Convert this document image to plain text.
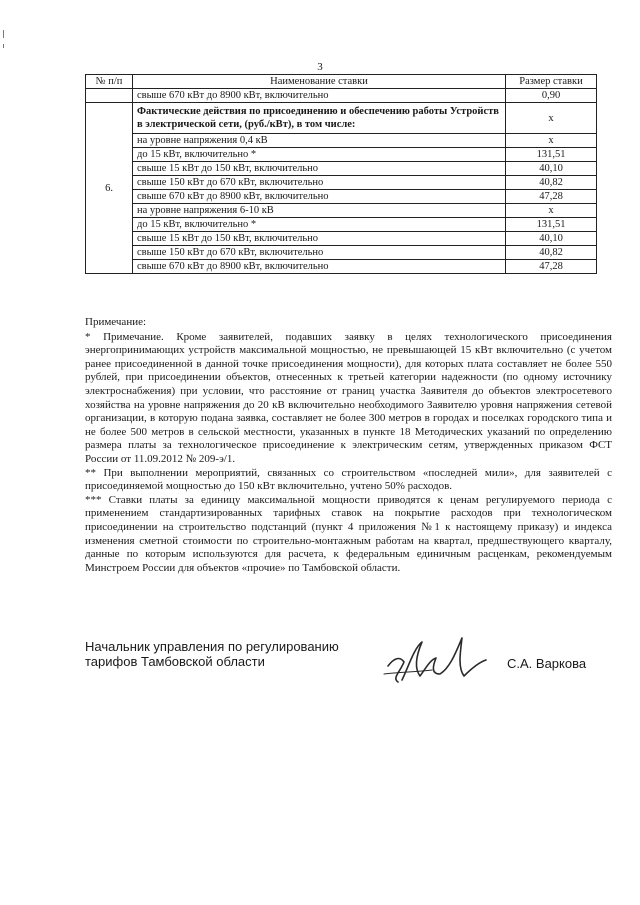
3
№ п/п	Наименование ставки	Размер ставки
	свыше 670 кВт до 8900 кВт, включительно	0,90
6.	Фактические действия по присоединению и обеспечению работы Устройств в электрической сети, (руб./кВт), в том числе:	х
	на уровне напряжения 0,4 кВ	х
	до 15 кВт, включительно *	131,51
	свыше 15 кВт до 150 кВт, включительно	40,10
	свыше 150 кВт до 670 кВт, включительно	40,82
	свыше 670 кВт до 8900 кВт, включительно	47,28
	на уровне напряжения 6-10 кВ	х
	до 15 кВт, включительно *	131,51
	свыше 15 кВт до 150 кВт, включительно	40,10
	свыше 150 кВт до 670 кВт, включительно	40,82
	свыше 670 кВт до 8900 кВт, включительно	47,28

Примечание:

* Примечание. Кроме заявителей, подавших заявку в целях технологического присоединения энергопринимающих устройств максимальной мощностью, не превышающей 15 кВт включительно (с учетом ранее присоединенной в данной точке присоединения мощности), для которых плата составляет не более 550 рублей, при присоединении объектов, отнесенных к третьей категории надежности (по одному источнику электроснабжения) при условии, что расстояние от границ участка Заявителя до объектов электросетевого хозяйства на уровне напряжения до 20 кВ включительно необходимого Заявителю уровня напряжения сетевой организации, в которую подана заявка, составляет не более 300 метров в городах и поселках городского типа и не более 500 метров в сельской местности, указанных в пункте 18 Методических указаний по определению размера платы за технологическое присоединение к электрическим сетям, утвержденных приказом ФСТ России от 11.09.2012 № 209-э/1.

** При выполнении мероприятий, связанных со строительством «последней мили», для заявителей с присоединяемой мощностью до 150 кВт включительно, учтено 50% расходов.

*** Ставки платы за единицу максимальной мощности приводятся к ценам регулируемого периода с применением стандартизированных тарифных ставок на покрытие расходов при технологическом присоединении на строительство подстанций (пункт 4 приложения №1 к настоящему приказу) и индекса изменения сметной стоимости по строительно-монтажным работам на квартал, предшествующего кварталу, данные по которым используются для расчета, к федеральным единичным расценкам, рекомендуемым Минстроем России для объектов «прочие» по Тамбовской области.

Начальник управления по регулированию
тарифов Тамбовской области	С.А. Варкова
